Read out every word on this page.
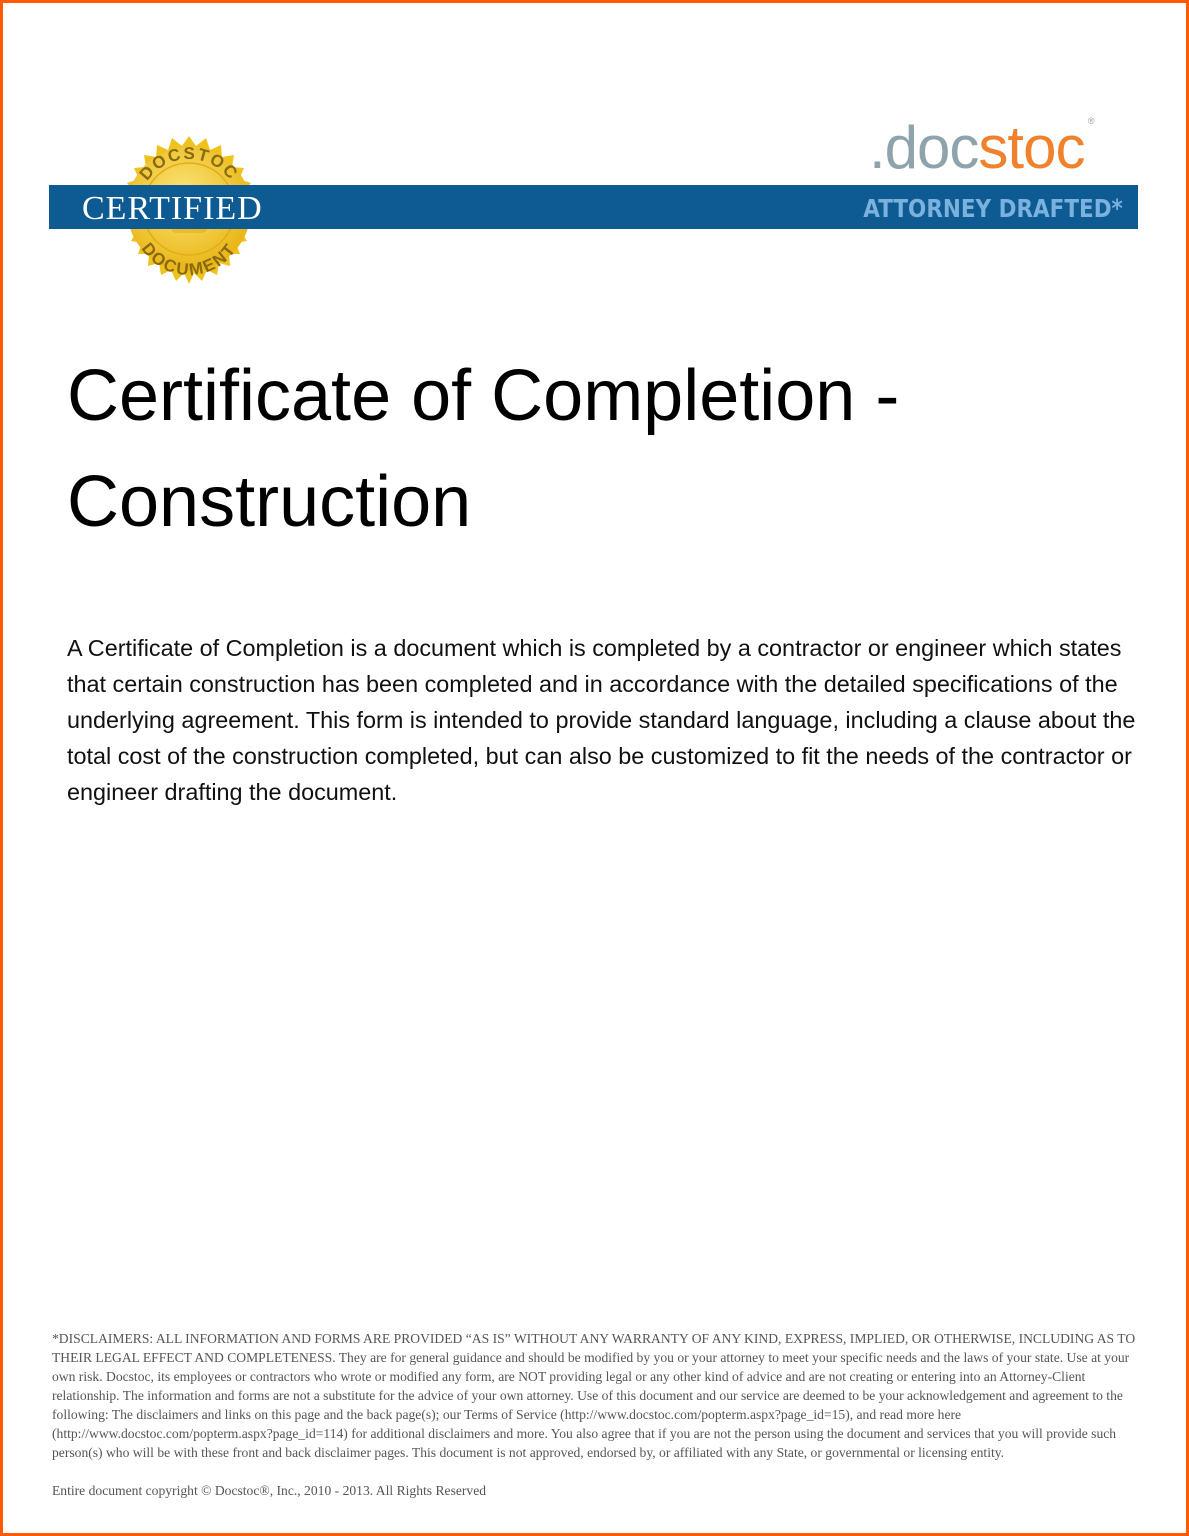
DOCSTOC
DOCUMENT
CERTIFIED
.docstoc ®
ATTORNEY DRAFTED*
Certificate of Completion -
Construction

A Certificate of Completion is a document which is completed by a contractor or engineer which states that certain construction has been completed and in accordance with the detailed specifications of the underlying agreement. This form is intended to provide standard language, including a clause about the total cost of the construction completed, but can also be customized to fit the needs of the contractor or engineer drafting the document.

*DISCLAIMERS: ALL INFORMATION AND FORMS ARE PROVIDED “AS IS” WITHOUT ANY WARRANTY OF ANY KIND, EXPRESS, IMPLIED, OR OTHERWISE, INCLUDING AS TO THEIR LEGAL EFFECT AND COMPLETENESS. They are for general guidance and should be modified by you or your attorney to meet your specific needs and the laws of your state. Use at your own risk. Docstoc, its employees or contractors who wrote or modified any form, are NOT providing legal or any other kind of advice and are not creating or entering into an Attorney-Client relationship. The information and forms are not a substitute for the advice of your own attorney. Use of this document and our service are deemed to be your acknowledgement and agreement to the following: The disclaimers and links on this page and the back page(s); our Terms of Service (http://www.docstoc.com/popterm.aspx?page_id=15), and read more here (http://www.docstoc.com/popterm.aspx?page_id=114) for additional disclaimers and more. You also agree that if you are not the person using the document and services that you will provide such person(s) who will be with these front and back disclaimer pages. This document is not approved, endorsed by, or affiliated with any State, or governmental or licensing entity.

Entire document copyright © Docstoc®, Inc., 2010 - 2013. All Rights Reserved
